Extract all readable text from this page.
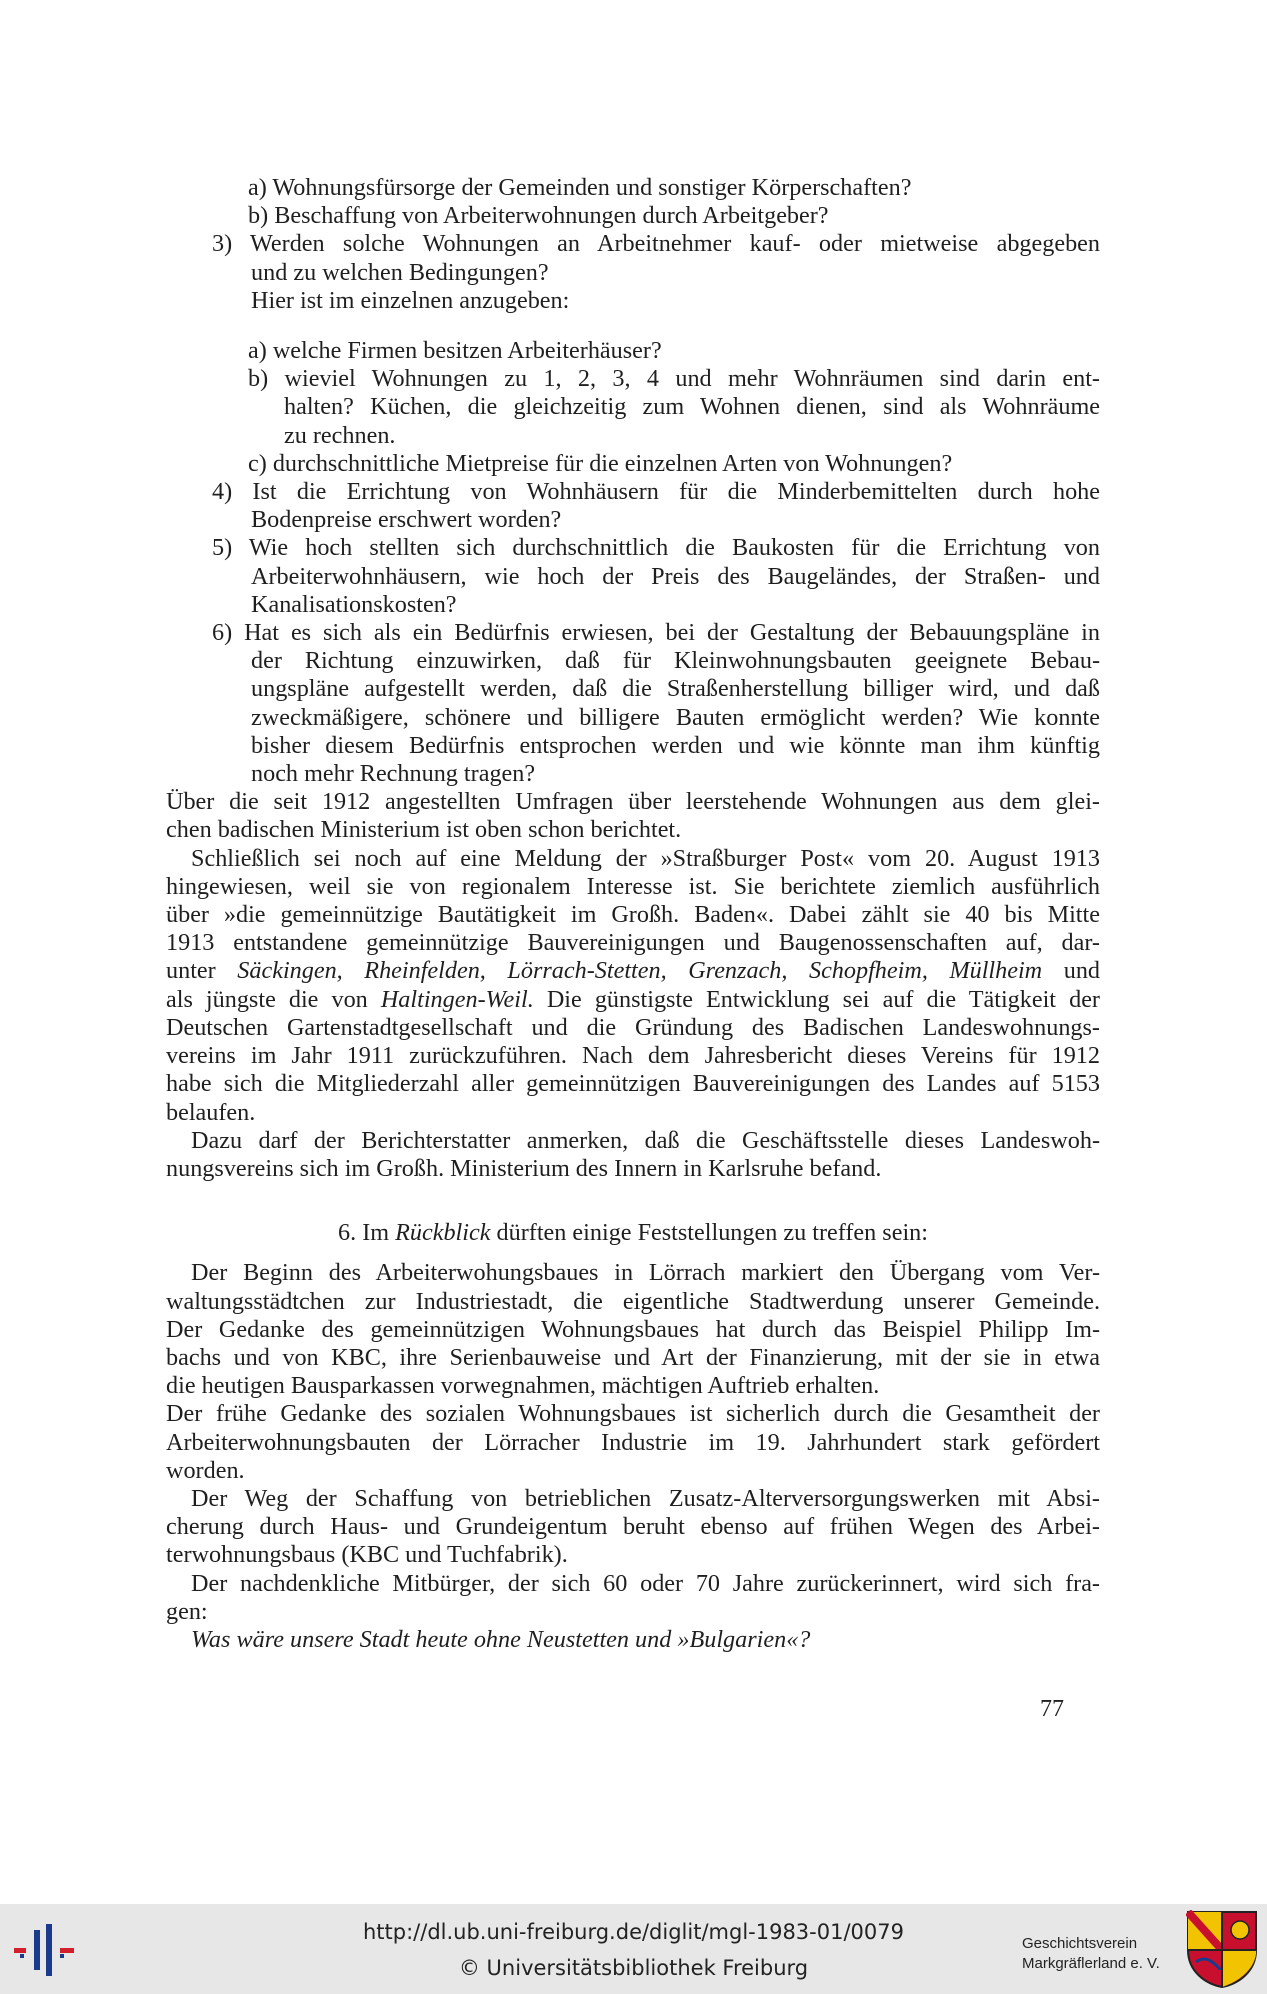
a) Wohnungsfürsorge der Gemeinden und sonstiger Körperschaften?
b) Beschaffung von Arbeiterwohnungen durch Arbeitgeber?
3) Werden solche Wohnungen an Arbeitnehmer kauf- oder mietweise abgegeben
und zu welchen Bedingungen?
Hier ist im einzelnen anzugeben:
a) welche Firmen besitzen Arbeiterhäuser?
b) wieviel Wohnungen zu 1, 2, 3, 4 und mehr Wohnräumen sind darin ent-
halten? Küchen, die gleichzeitig zum Wohnen dienen, sind als Wohnräume
zu rechnen.
c) durchschnittliche Mietpreise für die einzelnen Arten von Wohnungen?
4) Ist die Errichtung von Wohnhäusern für die Minderbemittelten durch hohe
Bodenpreise erschwert worden?
5) Wie hoch stellten sich durchschnittlich die Baukosten für die Errichtung von
Arbeiterwohnhäusern, wie hoch der Preis des Baugeländes, der Straßen- und
Kanalisationskosten?
6) Hat es sich als ein Bedürfnis erwiesen, bei der Gestaltung der Bebauungspläne in
der Richtung einzuwirken, daß für Kleinwohnungsbauten geeignete Bebau-
ungspläne aufgestellt werden, daß die Straßenherstellung billiger wird, und daß
zweckmäßigere, schönere und billigere Bauten ermöglicht werden? Wie konnte
bisher diesem Bedürfnis entsprochen werden und wie könnte man ihm künftig
noch mehr Rechnung tragen?
Über die seit 1912 angestellten Umfragen über leerstehende Wohnungen aus dem glei-
chen badischen Ministerium ist oben schon berichtet.
Schließlich sei noch auf eine Meldung der »Straßburger Post« vom 20. August 1913
hingewiesen, weil sie von regionalem Interesse ist. Sie berichtete ziemlich ausführlich
über »die gemeinnützige Bautätigkeit im Großh. Baden«. Dabei zählt sie 40 bis Mitte
1913 entstandene gemeinnützige Bauvereinigungen und Baugenossenschaften auf, dar-
unter Säckingen, Rheinfelden, Lörrach-Stetten, Grenzach, Schopfheim, Müllheim und
als jüngste die von Haltingen-Weil. Die günstigste Entwicklung sei auf die Tätigkeit der
Deutschen Gartenstadtgesellschaft und die Gründung des Badischen Landeswohnungs-
vereins im Jahr 1911 zurückzuführen. Nach dem Jahresbericht dieses Vereins für 1912
habe sich die Mitgliederzahl aller gemeinnützigen Bauvereinigungen des Landes auf 5153
belaufen.
Dazu darf der Berichterstatter anmerken, daß die Geschäftsstelle dieses Landeswoh-
nungsvereins sich im Großh. Ministerium des Innern in Karlsruhe befand.
6. Im Rückblick dürften einige Feststellungen zu treffen sein:
Der Beginn des Arbeiterwohungsbaues in Lörrach markiert den Übergang vom Ver-
waltungsstädtchen zur Industriestadt, die eigentliche Stadtwerdung unserer Gemeinde.
Der Gedanke des gemeinnützigen Wohnungsbaues hat durch das Beispiel Philipp Im-
bachs und von KBC, ihre Serienbauweise und Art der Finanzierung, mit der sie in etwa
die heutigen Bausparkassen vorwegnahmen, mächtigen Auftrieb erhalten.
Der frühe Gedanke des sozialen Wohnungsbaues ist sicherlich durch die Gesamtheit der
Arbeiterwohnungsbauten der Lörracher Industrie im 19. Jahrhundert stark gefördert
worden.
Der Weg der Schaffung von betrieblichen Zusatz-Alterversorgungswerken mit Absi-
cherung durch Haus- und Grundeigentum beruht ebenso auf frühen Wegen des Arbei-
terwohnungsbaus (KBC und Tuchfabrik).
Der nachdenkliche Mitbürger, der sich 60 oder 70 Jahre zurückerinnert, wird sich fra-
gen:
Was wäre unsere Stadt heute ohne Neustetten und »Bulgarien«?
77
http://dl.ub.uni-freiburg.de/diglit/mgl-1983-01/0079
© Universitätsbibliothek Freiburg
Geschichtsverein
Markgräflerland e. V.
